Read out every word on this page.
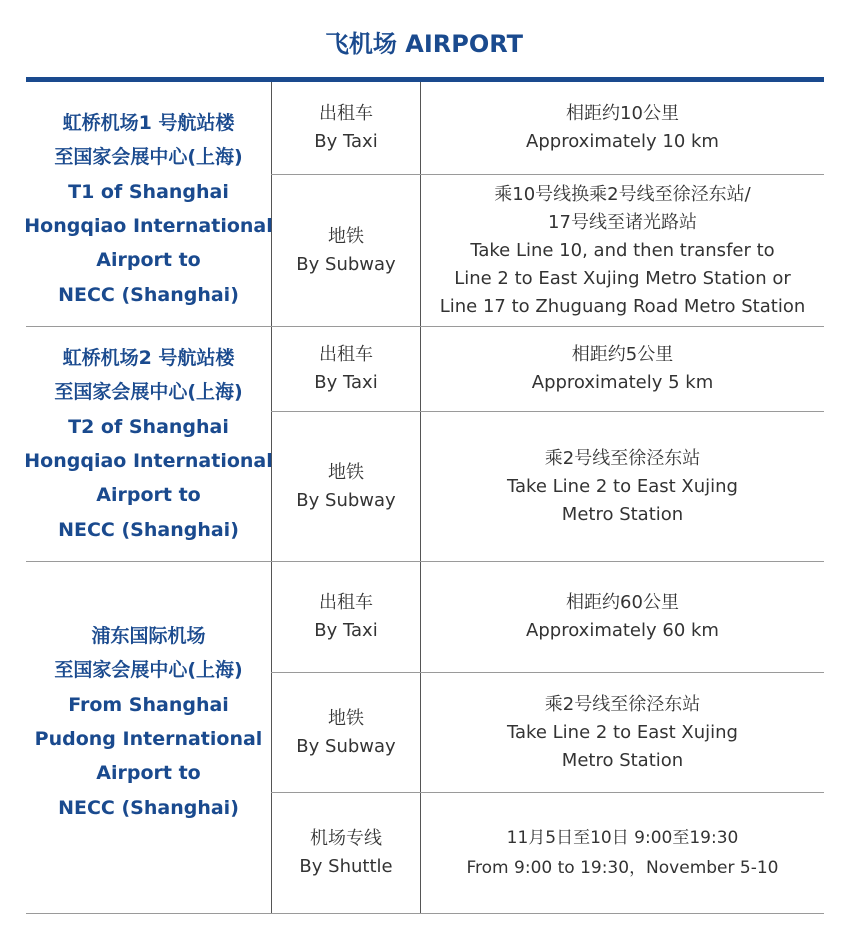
飞机场 AIRPORT
虹桥机场1 号航站楼
至国家会展中心(上海)
T1 of Shanghai
Hongqiao International
Airport to
NECC (Shanghai)
出租车
By Taxi
相距约10公里
Approximately 10 km
地铁
By Subway
乘10号线换乘2号线至徐泾东站/
17号线至诸光路站
Take Line 10, and then transfer to
Line 2 to East Xujing Metro Station or
Line 17 to Zhuguang Road Metro Station
虹桥机场2 号航站楼
至国家会展中心(上海)
T2 of Shanghai
Hongqiao International
Airport to
NECC (Shanghai)
出租车
By Taxi
相距约5公里
Approximately 5 km
地铁
By Subway
乘2号线至徐泾东站
Take Line 2 to East Xujing
Metro Station
浦东国际机场
至国家会展中心(上海)
From Shanghai
Pudong International
Airport to
NECC (Shanghai)
出租车
By Taxi
相距约60公里
Approximately 60 km
地铁
By Subway
乘2号线至徐泾东站
Take Line 2 to East Xujing
Metro Station
机场专线
By Shuttle
11月5日至10日 9:00至19:30
From 9:00 to 19:30，November 5-10
